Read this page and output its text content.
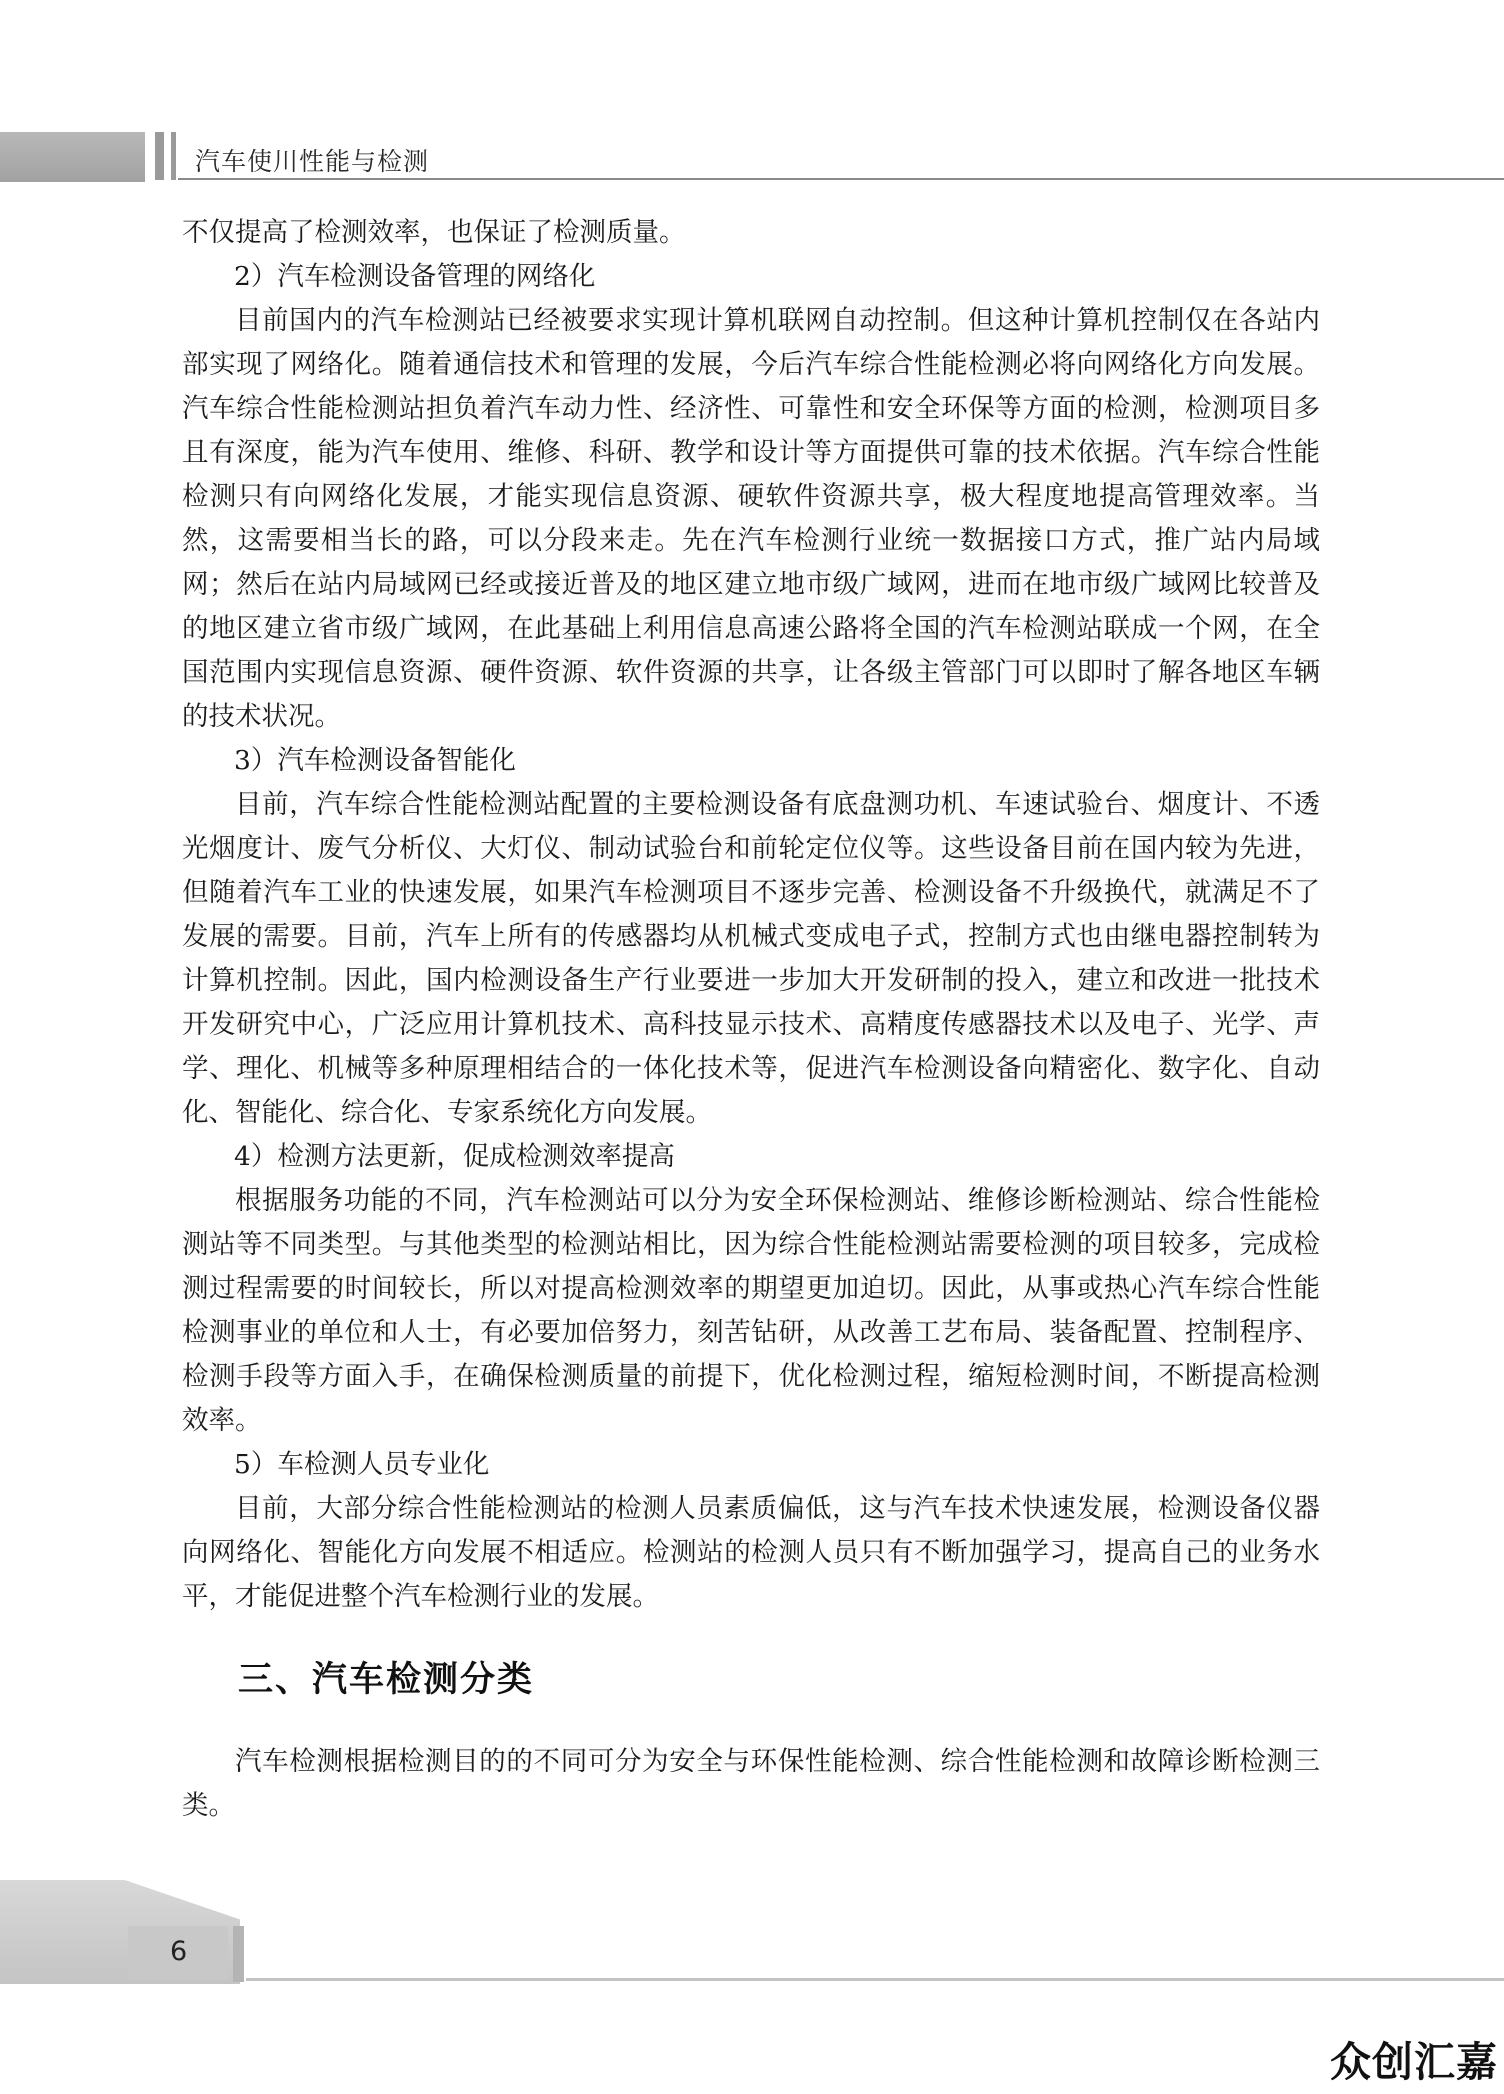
汽车使川性能与检测

不仅提高了检测效率，也保证了检测质量。

2）汽车检测设备管理的网络化

目前国内的汽车检测站已经被要求实现计算机联网自动控制。但这种计算机控制仅在各站内部实现了网络化。随着通信技术和管理的发展，今后汽车综合性能检测必将向网络化方向发展。汽车综合性能检测站担负着汽车动力性、经济性、可靠性和安全环保等方面的检测，检测项目多且有深度，能为汽车使用、维修、科研、教学和设计等方面提供可靠的技术依据。汽车综合性能检测只有向网络化发展，才能实现信息资源、硬软件资源共享，极大程度地提高管理效率。当然，这需要相当长的路，可以分段来走。先在汽车检测行业统一数据接口方式，推广站内局域网；然后在站内局域网已经或接近普及的地区建立地市级广域网，进而在地市级广域网比较普及的地区建立省市级广域网，在此基础上利用信息高速公路将全国的汽车检测站联成一个网，在全国范围内实现信息资源、硬件资源、软件资源的共享，让各级主管部门可以即时了解各地区车辆的技术状况。

3）汽车检测设备智能化

目前，汽车综合性能检测站配置的主要检测设备有底盘测功机、车速试验台、烟度计、不透光烟度计、废气分析仪、大灯仪、制动试验台和前轮定位仪等。这些设备目前在国内较为先进，但随着汽车工业的快速发展，如果汽车检测项目不逐步完善、检测设备不升级换代，就满足不了发展的需要。目前，汽车上所有的传感器均从机械式变成电子式，控制方式也由继电器控制转为计算机控制。因此，国内检测设备生产行业要进一步加大开发研制的投入，建立和改进一批技术开发研究中心，广泛应用计算机技术、高科技显示技术、高精度传感器技术以及电子、光学、声学、理化、机械等多种原理相结合的一体化技术等，促进汽车检测设备向精密化、数字化、自动化、智能化、综合化、专家系统化方向发展。

4）检测方法更新，促成检测效率提高

根据服务功能的不同，汽车检测站可以分为安全环保检测站、维修诊断检测站、综合性能检测站等不同类型。与其他类型的检测站相比，因为综合性能检测站需要检测的项目较多，完成检测过程需要的时间较长，所以对提高检测效率的期望更加迫切。因此，从事或热心汽车综合性能检测事业的单位和人士，有必要加倍努力，刻苦钻研，从改善工艺布局、装备配置、控制程序、检测手段等方面入手，在确保检测质量的前提下，优化检测过程，缩短检测时间，不断提高检测效率。

5）车检测人员专业化

目前，大部分综合性能检测站的检测人员素质偏低，这与汽车技术快速发展，检测设备仪器向网络化、智能化方向发展不相适应。检测站的检测人员只有不断加强学习，提高自己的业务水平，才能促进整个汽车检测行业的发展。

三、汽车检测分类

汽车检测根据检测目的的不同可分为安全与环保性能检测、综合性能检测和故障诊断检测三类。

6

众创汇嘉
